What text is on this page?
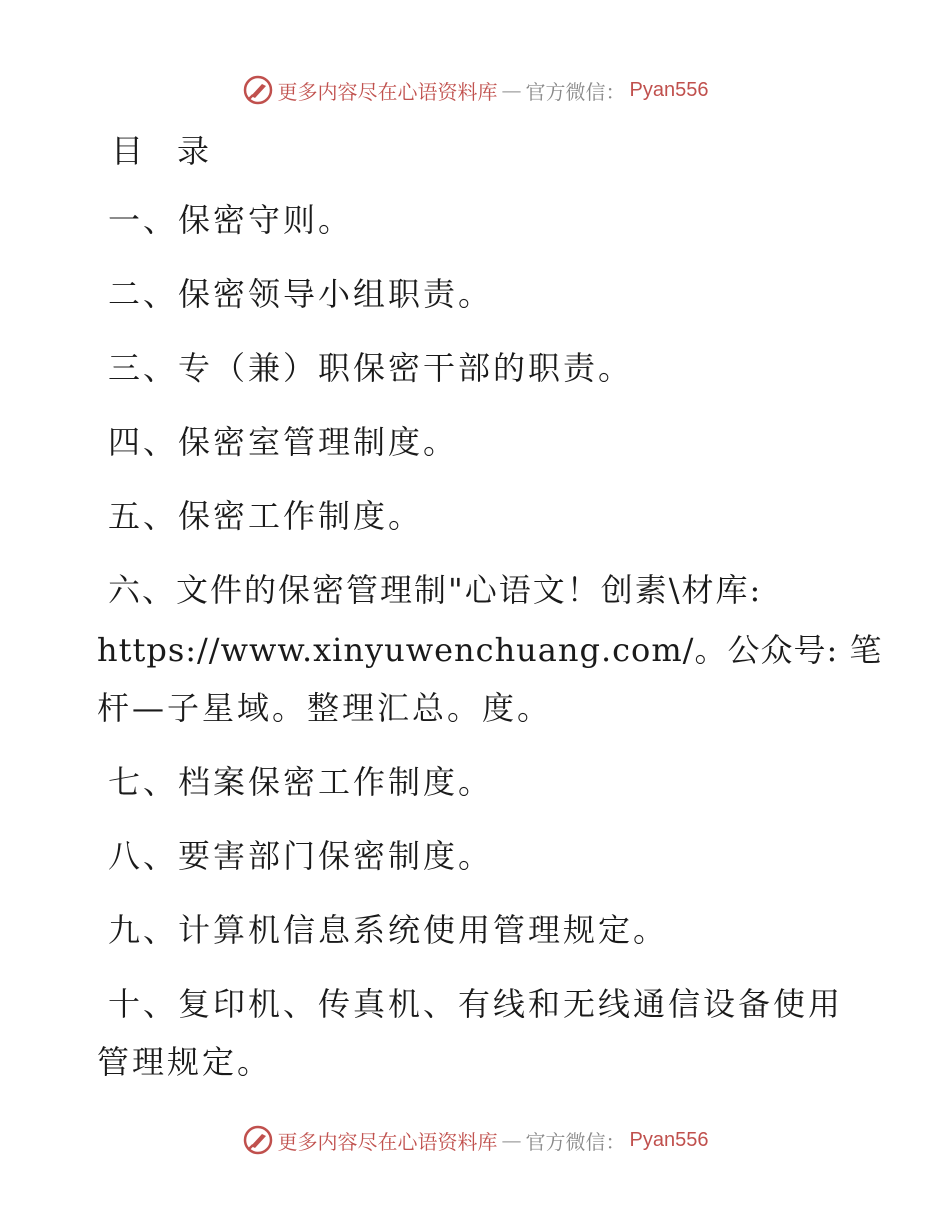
更多内容尽在心语资料库 — 官方微信： Pyan556
目录
一、保密守则。
二、保密领导小组职责。
三、专（兼）职保密干部的职责。
四、保密室管理制度。
五、保密工作制度。
六、文件的保密管理制"心语文！创素\材库:
https://www.xinyuwenchuang.com/。公众号: 笔
杆—子星域。整理汇总。度。
七、档案保密工作制度。
八、要害部门保密制度。
九、计算机信息系统使用管理规定。
十、复印机、传真机、有线和无线通信设备使用
管理规定。
更多内容尽在心语资料库 — 官方微信： Pyan556
